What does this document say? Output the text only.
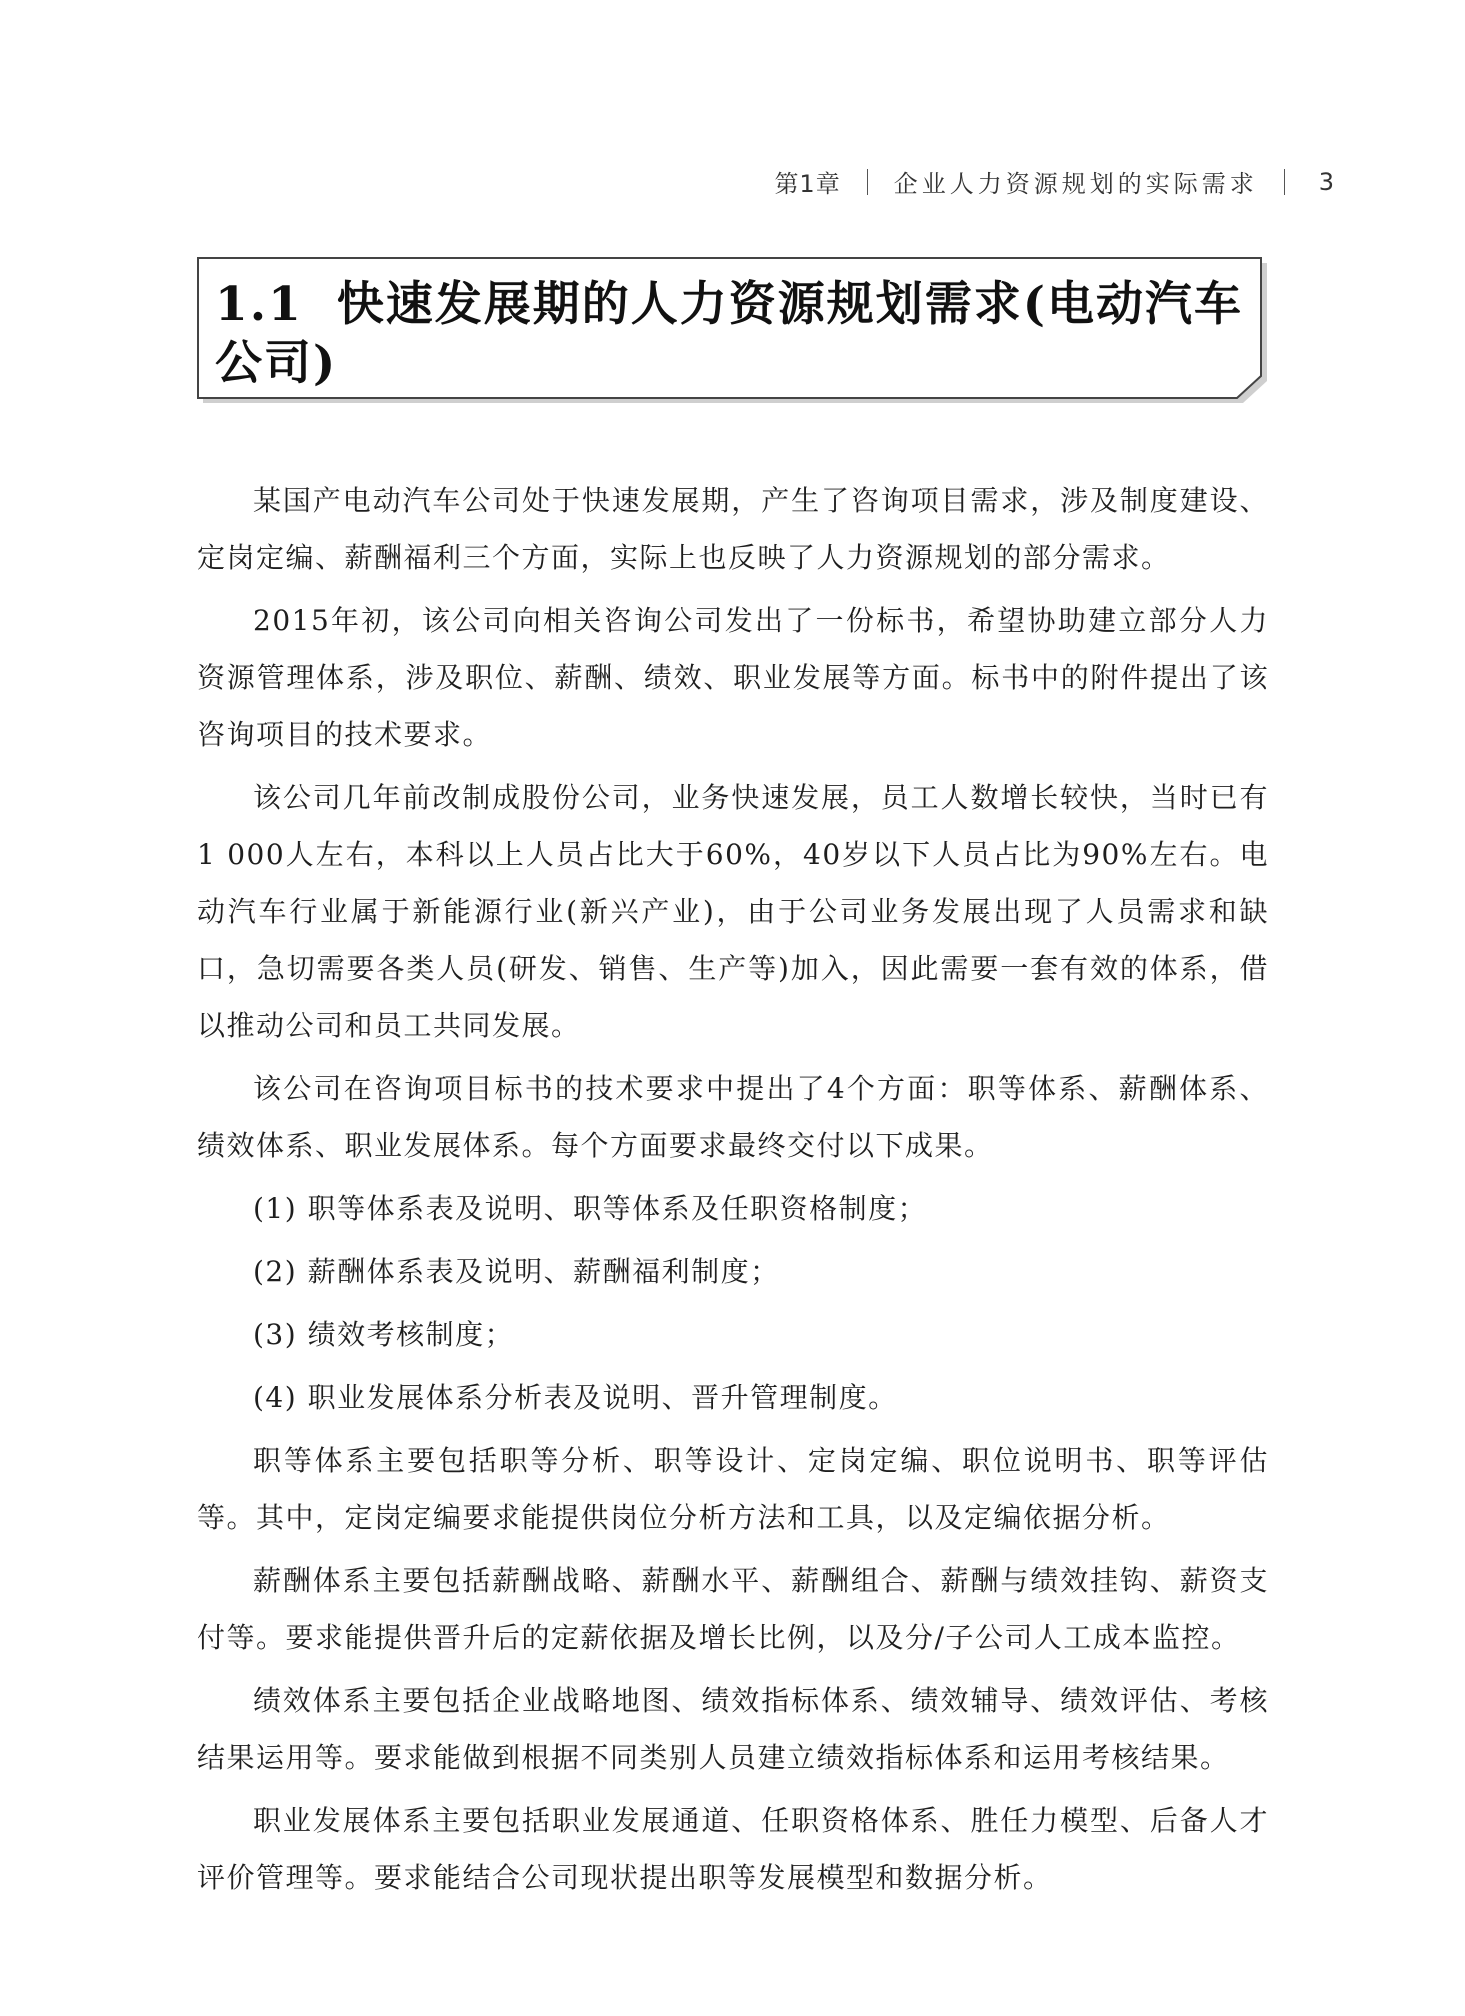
第1章 企业人力资源规划的实际需求	3
1.1 快速发展期的人力资源规划需求(电动汽车公司)

某国产电动汽车公司处于快速发展期，产生了咨询项目需求，涉及制度建设、定岗定编、薪酬福利三个方面，实际上也反映了人力资源规划的部分需求。

2015年初，该公司向相关咨询公司发出了一份标书，希望协助建立部分人力资源管理体系，涉及职位、薪酬、绩效、职业发展等方面。标书中的附件提出了该咨询项目的技术要求。

该公司几年前改制成股份公司，业务快速发展，员工人数增长较快，当时已有1 000人左右，本科以上人员占比大于60%，40岁以下人员占比为90%左右。电动汽车行业属于新能源行业(新兴产业)，由于公司业务发展出现了人员需求和缺口，急切需要各类人员(研发、销售、生产等)加入，因此需要一套有效的体系，借以推动公司和员工共同发展。

该公司在咨询项目标书的技术要求中提出了4个方面：职等体系、薪酬体系、绩效体系、职业发展体系。每个方面要求最终交付以下成果。

(1) 职等体系表及说明、职等体系及任职资格制度；

(2) 薪酬体系表及说明、薪酬福利制度；

(3) 绩效考核制度；

(4) 职业发展体系分析表及说明、晋升管理制度。

职等体系主要包括职等分析、职等设计、定岗定编、职位说明书、职等评估等。其中，定岗定编要求能提供岗位分析方法和工具，以及定编依据分析。

薪酬体系主要包括薪酬战略、薪酬水平、薪酬组合、薪酬与绩效挂钩、薪资支付等。要求能提供晋升后的定薪依据及增长比例，以及分/子公司人工成本监控。

绩效体系主要包括企业战略地图、绩效指标体系、绩效辅导、绩效评估、考核结果运用等。要求能做到根据不同类别人员建立绩效指标体系和运用考核结果。

职业发展体系主要包括职业发展通道、任职资格体系、胜任力模型、后备人才评价管理等。要求能结合公司现状提出职等发展模型和数据分析。
